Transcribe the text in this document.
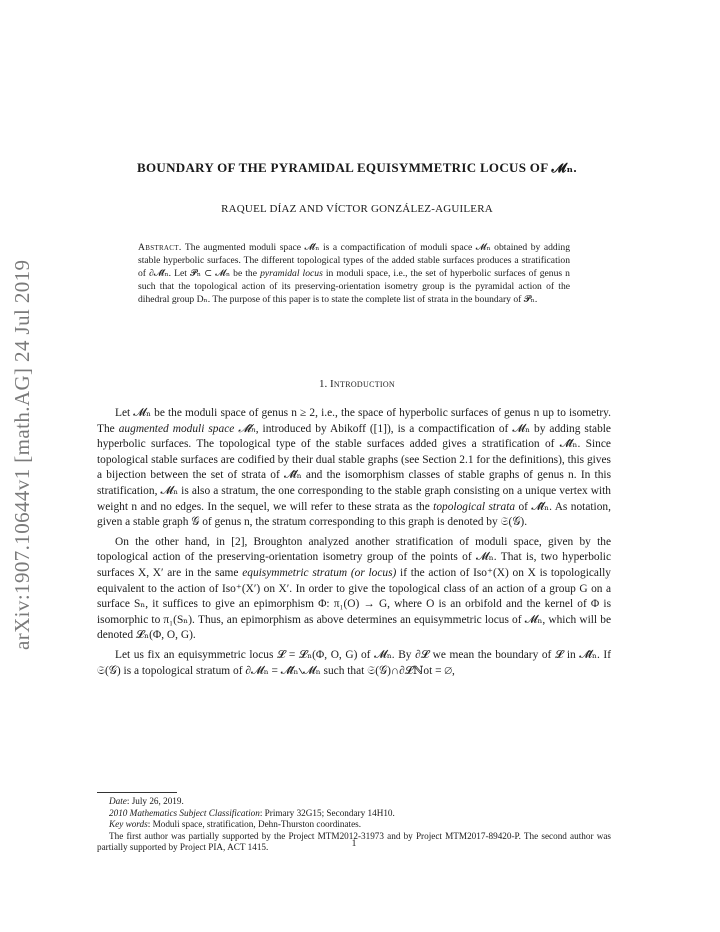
arXiv:1907.10644v1 [math.AG] 24 Jul 2019
BOUNDARY OF THE PYRAMIDAL EQUISYMMETRIC LOCUS OF 𝓜ₙ.
RAQUEL DÍAZ AND VÍCTOR GONZÁLEZ-AGUILERA
Abstract. The augmented moduli space 𝓜̂ₙ is a compactification of moduli space 𝓜ₙ obtained by adding stable hyperbolic surfaces. The different topological types of the added stable surfaces produces a stratification of ∂𝓜̂ₙ. Let 𝓟ₙ ⊂ 𝓜ₙ be the pyramidal locus in moduli space, i.e., the set of hyperbolic surfaces of genus n such that the topological action of its preserving-orientation isometry group is the pyramidal action of the dihedral group Dₙ. The purpose of this paper is to state the complete list of strata in the boundary of 𝓟ₙ.
1. Introduction

Let 𝓜ₙ be the moduli space of genus n ≥ 2, i.e., the space of hyperbolic surfaces of genus n up to isometry. The augmented moduli space 𝓜̂ₙ, introduced by Abikoff ([1]), is a compactification of 𝓜ₙ by adding stable hyperbolic surfaces. The topological type of the stable surfaces added gives a stratification of 𝓜̂ₙ. Since topological stable surfaces are codified by their dual stable graphs (see Section 2.1 for the definitions), this gives a bijection between the set of strata of 𝓜̂ₙ and the isomorphism classes of stable graphs of genus n. In this stratification, 𝓜ₙ is also a stratum, the one corresponding to the stable graph consisting on a unique vertex with weight n and no edges. In the sequel, we will refer to these strata as the topological strata of 𝓜̂ₙ. As notation, given a stable graph 𝒢 of genus n, the stratum corresponding to this graph is denoted by 𝔖(𝒢).

On the other hand, in [2], Broughton analyzed another stratification of moduli space, given by the topological action of the preserving-orientation isometry group of the points of 𝓜ₙ. That is, two hyperbolic surfaces X, X′ are in the same equisymmetric stratum (or locus) if the action of Iso⁺(X) on X is topologically equivalent to the action of Iso⁺(X′) on X′. In order to give the topological class of an action of a group G on a surface Sₙ, it suffices to give an epimorphism Φ: π₁(O) → G, where O is an orbifold and the kernel of Φ is isomorphic to π₁(Sₙ). Thus, an epimorphism as above determines an equisymmetric locus of 𝓜ₙ, which will be denoted 𝓛ₙ(Φ, O, G).

Let us fix an equisymmetric locus 𝓛 = 𝓛ₙ(Φ, O, G) of 𝓜ₙ. By ∂𝓛 we mean the boundary of 𝓛 in 𝓜̂ₙ. If 𝔖(𝒢) is a topological stratum of ∂𝓜ₙ = 𝓜̂ₙ∖𝓜ₙ such that 𝔖(𝒢)∩∂𝓛ℕot = ∅,

Date: July 26, 2019.
2010 Mathematics Subject Classification: Primary 32G15; Secondary 14H10.
Key words: Moduli space, stratification, Dehn-Thurston coordinates.
The first author was partially supported by the Project MTM2012-31973 and by Project MTM2017-89420-P. The second author was partially supported by Project PIA, ACT 1415.	1
